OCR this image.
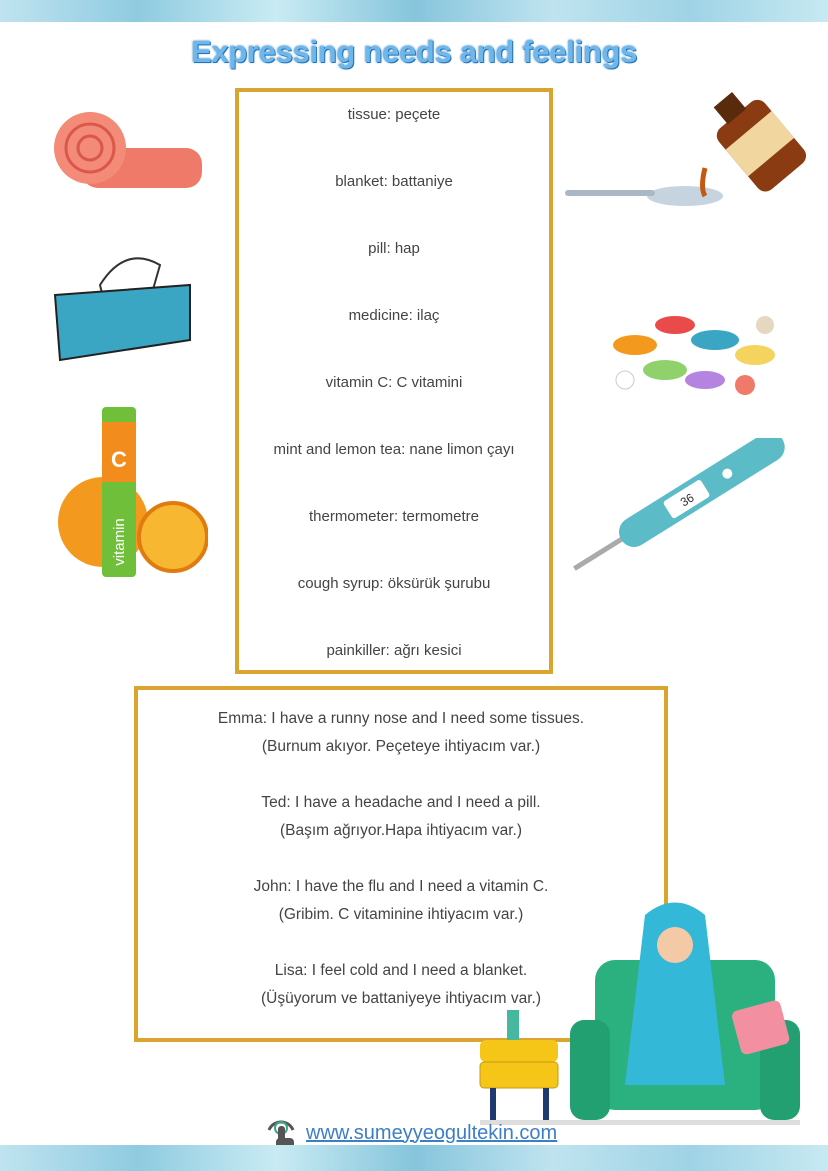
Expressing needs and feelings
tissue: peçete
blanket: battaniye
pill: hap
medicine: ilaç
vitamin C: C vitamini
mint and lemon tea: nane limon çayı
thermometer: termometre
cough syrup: öksürük şurubu
painkiller: ağrı kesici
Emma: I have a runny nose and I need some tissues.
(Burnum akıyor. Peçeteye ihtiyacım var.)
Ted: I have a headache and I need a pill.
(Başım ağrıyor.Hapa ihtiyacım var.)
John: I have the flu and I need a vitamin C.
(Gribim. C vitaminine ihtiyacım var.)
Lisa: I feel cold and I need a blanket.
(Üşüyorum ve battaniyeye ihtiyacım var.)
C
vitamin
36
www.sumeyyeogultekin.com
